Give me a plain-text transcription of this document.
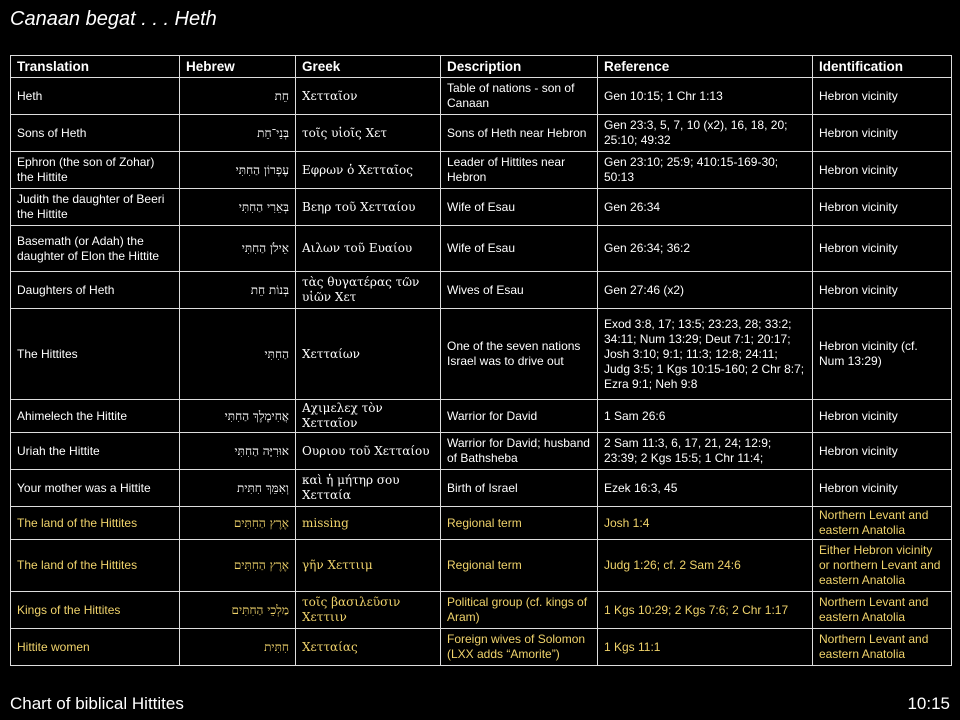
Canaan begat . . . Heth
Translation	Hebrew	Greek	Description	Reference	Identification
Heth	חֵת	Χετταῖον	Table of nations - son of Canaan	Gen 10:15; 1 Chr 1:13	Hebron vicinity
Sons of Heth	בְּנֵי־חֵת	τοῖς υἱοῖς Χετ	Sons of Heth near Hebron	Gen 23:3, 5, 7, 10 (x2), 16, 18, 20; 25:10; 49:32	Hebron vicinity
Ephron (the son of Zohar) the Hittite	עֶפְרוֹן הַחִתִּי	Εφρων ὁ Χετταῖος	Leader of Hittites near Hebron	Gen 23:10; 25:9; 410:15-169-30; 50:13	Hebron vicinity
Judith the daughter of Beeri the Hittite	בְּאֵרִי הַחִתִּי	Βεηρ τοῦ Χετταίου	Wife of Esau	Gen 26:34	Hebron vicinity
Basemath (or Adah) the daughter of Elon the Hittite	אֵילֹן הַחִתִּי	Αιλων τοῦ Ευαίου	Wife of Esau	Gen 26:34; 36:2	Hebron vicinity
Daughters of Heth	בְּנוֹת חֵת	τὰς θυγατέρας τῶν υἱῶν Χετ	Wives of Esau	Gen 27:46 (x2)	Hebron vicinity
The Hittites	הַחִתִּי	Χετταίων	One of the seven nations Israel was to drive out	Exod 3:8, 17; 13:5; 23:23, 28; 33:2; 34:11; Num 13:29; Deut 7:1; 20:17; Josh 3:10; 9:1; 11:3; 12:8; 24:11; Judg 3:5; 1 Kgs 10:15-160; 2 Chr 8:7; Ezra 9:1; Neh 9:8	Hebron vicinity (cf. Num 13:29)
Ahimelech the Hittite	אֲחִימֶלֶךְ הַחִתִּי	Αχιμελεχ τὸν Χετταῖον	Warrior for David	1 Sam 26:6	Hebron vicinity
Uriah the Hittite	אוּרִיָּה הַחִתִּי	Ουριου τοῦ Χετταίου	Warrior for David; husband of Bathsheba	2 Sam 11:3, 6, 17, 21, 24; 12:9; 23:39; 2 Kgs 15:5; 1 Chr 11:4;	Hebron vicinity
Your mother was a Hittite	וְאִמֵּךְ חִתִּית	καὶ ἡ μήτηρ σου Χετταία	Birth of Israel	Ezek 16:3, 45	Hebron vicinity
The land of the Hittites	אֶרֶץ הַחִתִּים	missing	Regional term	Josh 1:4	Northern Levant and eastern Anatolia
The land of the Hittites	אֶרֶץ הַחִתִּים	γῆν Χεττιιμ	Regional term	Judg 1:26; cf. 2 Sam 24:6	Either Hebron vicinity or northern Levant and eastern Anatolia
Kings of the Hittites	מַלְכֵי הַחִתִּים	τοῖς βασιλεῦσιν Χεττιιν	Political group (cf. kings of Aram)	1 Kgs 10:29; 2 Kgs 7:6; 2 Chr 1:17	Northern Levant and eastern Anatolia
Hittite women	חִתִּית	Χετταίας	Foreign wives of Solomon (LXX adds “Amorite”)	1 Kgs 11:1	Northern Levant and eastern Anatolia
Chart of biblical Hittites	10:15
